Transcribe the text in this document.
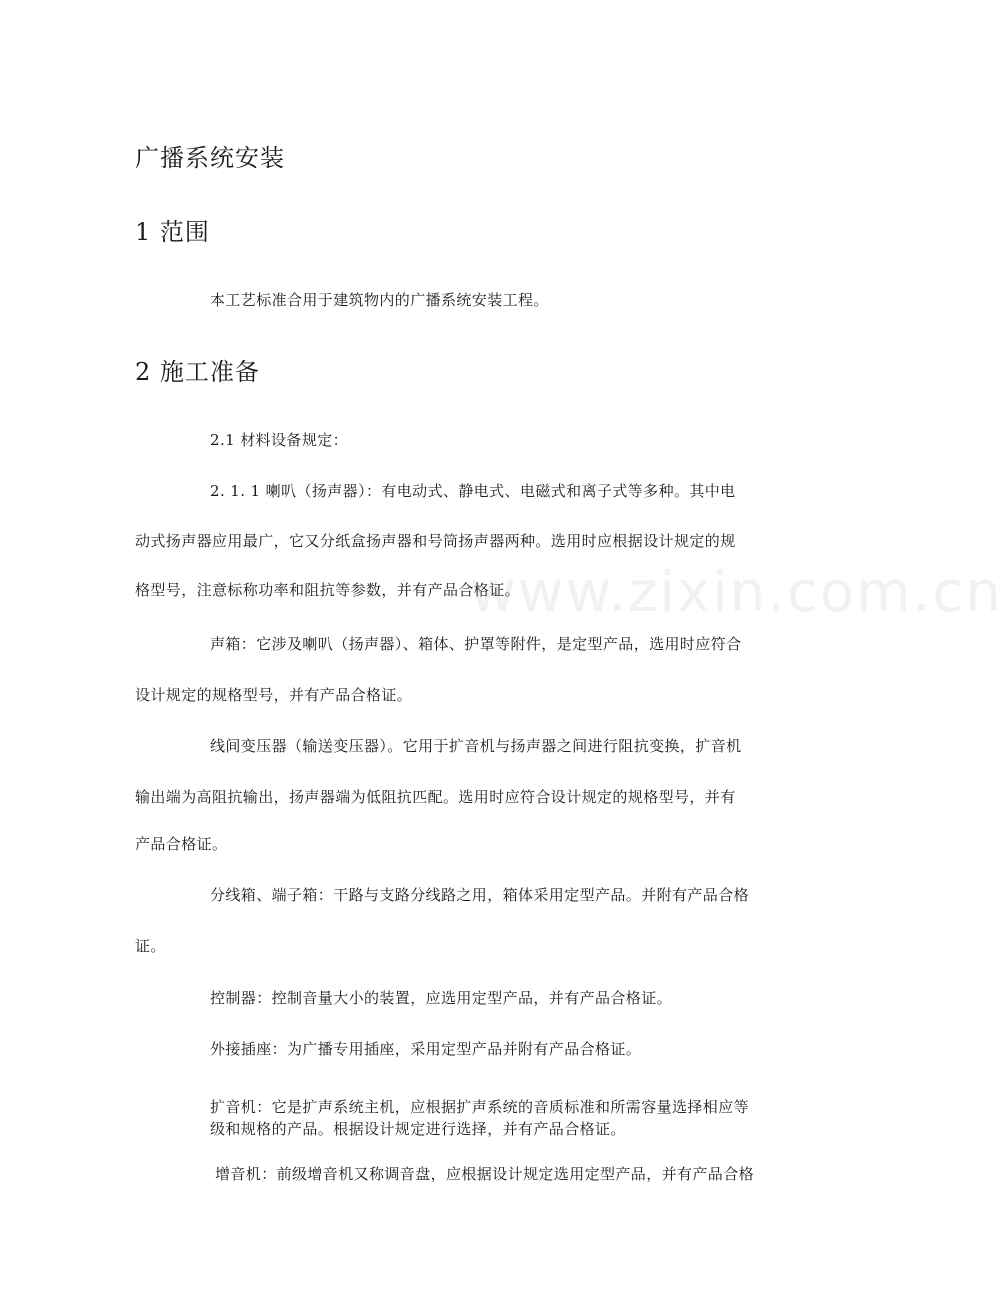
www.zixin.com.cn
广播系统安装
1 范围
本工艺标准合用于建筑物内的广播系统安装工程。
2 施工准备
2.1 材料设备规定：
2. 1. 1 喇叭（扬声器）：有电动式、静电式、电磁式和离子式等多种。其中电
动式扬声器应用最广，它又分纸盒扬声器和号筒扬声器两种。选用时应根据设计规定的规
格型号，注意标称功率和阻抗等参数，并有产品合格证。
声箱：它涉及喇叭（扬声器）、箱体、护罩等附件，是定型产品，选用时应符合
设计规定的规格型号，并有产品合格证。
线间变压器（输送变压器）。它用于扩音机与扬声器之间进行阻抗变换，扩音机
输出端为高阻抗输出，扬声器端为低阻抗匹配。选用时应符合设计规定的规格型号，并有
产品合格证。
分线箱、端子箱：干路与支路分线路之用，箱体采用定型产品。并附有产品合格
证。
控制器：控制音量大小的装置，应选用定型产品，并有产品合格证。
外接插座：为广播专用插座，采用定型产品并附有产品合格证。
扩音机：它是扩声系统主机，应根据扩声系统的音质标准和所需容量选择相应等
级和规格的产品。根据设计规定进行选择，并有产品合格证。
增音机：前级增音机又称调音盘，应根据设计规定选用定型产品，并有产品合格
